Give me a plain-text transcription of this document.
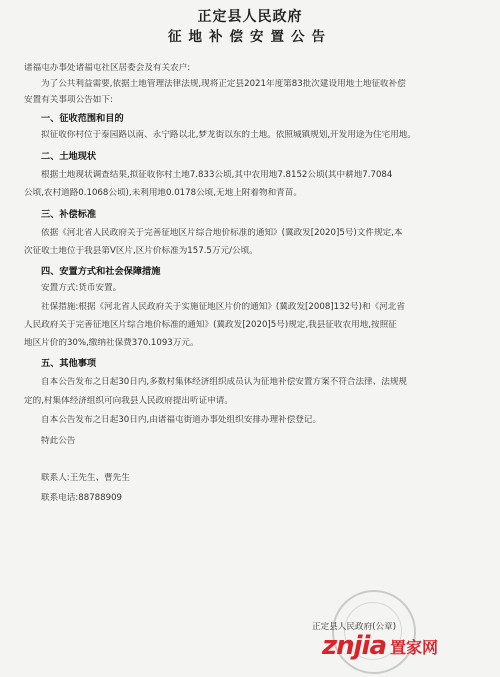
正定县人民政府
征地补偿安置公告
诸福屯办事处诸福屯社区居委会及有关农户:
为了公共利益需要,依据土地管理法律法规,现将正定县2021年度第83批次建设用地土地征收补偿
安置有关事项公告如下:
一、征收范围和目的
拟征收你村位于泰园路以南、永宁路以北,梦龙街以东的土地。依照城镇规划,开发用途为住宅用地。
二、土地现状
根据土地现状调查结果,拟征收你村土地7.833公顷,其中农用地7.8152公顷(其中耕地7.7084
公顷,农村道路0.1068公顷),未利用地0.0178公顷,无地上附着物和青苗。
三、补偿标准
依据《河北省人民政府关于完善征地区片综合地价标准的通知》(冀政发[2020]5号)文件规定,本
次征收土地位于我县第V区片,区片价标准为157.5万元/公顷。
四、安置方式和社会保障措施
安置方式:货币安置。
社保措施:根据《河北省人民政府关于实施征地区片价的通知》(冀政发[2008]132号)和《河北省
人民政府关于完善征地区片综合地价标准的通知》(冀政发[2020]5号)规定,我县征收农用地,按照征
地区片价的30%,缴纳社保费370.1093万元。
五、其他事项
自本公告发布之日起30日内,多数村集体经济组织成员认为征地补偿安置方案不符合法律、法规规
定的,村集体经济组织可向我县人民政府提出听证申请。
自本公告发布之日起30日内,由诸福屯街道办事处组织安排办理补偿登记。
特此公告
联系人:王先生、曹先生
联系电话:88788909
正定县人民政府(公章)
znjia 置家网
